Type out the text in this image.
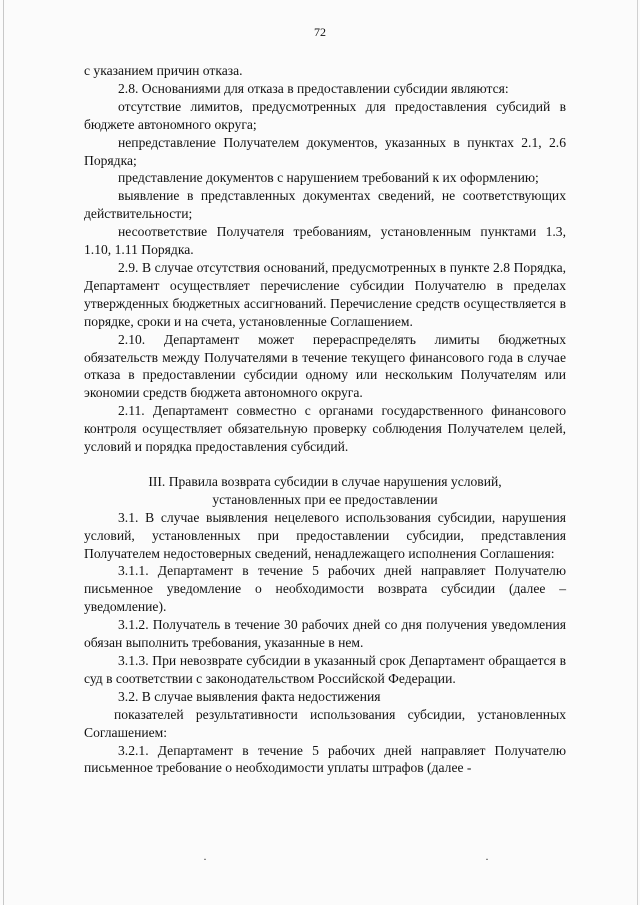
72

с указанием причин отказа.

2.8. Основаниями для отказа в предоставлении субсидии являются:

отсутствие лимитов, предусмотренных для предоставления субсидий в бюджете автономного округа;

непредставление Получателем документов, указанных в пунктах 2.1, 2.6 Порядка;

представление документов с нарушением требований к их оформлению;

выявление в представленных документах сведений, не соответствующих действительности;

несоответствие Получателя требованиям, установленным пунктами 1.3, 1.10, 1.11 Порядка.

2.9. В случае отсутствия оснований, предусмотренных в пункте 2.8 Порядка, Департамент осуществляет перечисление субсидии Получателю в пределах утвержденных бюджетных ассигнований. Перечисление средств осуществляется в порядке, сроки и на счета, установленные Соглашением.

2.10. Департамент может перераспределять лимиты бюджетных обязательств между Получателями в течение текущего финансового года в случае отказа в предоставлении субсидии одному или нескольким Получателям или экономии средств бюджета автономного округа.

2.11. Департамент совместно с органами государственного финансового контроля осуществляет обязательную проверку соблюдения Получателем целей, условий и порядка предоставления субсидий.

III. Правила возврата субсидии в случае нарушения условий,
установленных при ее предоставлении

3.1. В случае выявления нецелевого использования субсидии, нарушения условий, установленных при предоставлении субсидии, представления Получателем недостоверных сведений, ненадлежащего исполнения Соглашения:

3.1.1. Департамент в течение 5 рабочих дней направляет Получателю письменное уведомление о необходимости возврата субсидии (далее – уведомление).

3.1.2. Получатель в течение 30 рабочих дней со дня получения уведомления обязан выполнить требования, указанные в нем.

3.1.3. При невозврате субсидии в указанный срок Департамент обращается в суд в соответствии с законодательством Российской Федерации.

3.2. В случае выявления факта недостижения

показателей результативности использования субсидии, установленных Соглашением:

3.2.1. Департамент в течение 5 рабочих дней направляет Получателю письменное требование о необходимости уплаты штрафов (далее -

·	·
